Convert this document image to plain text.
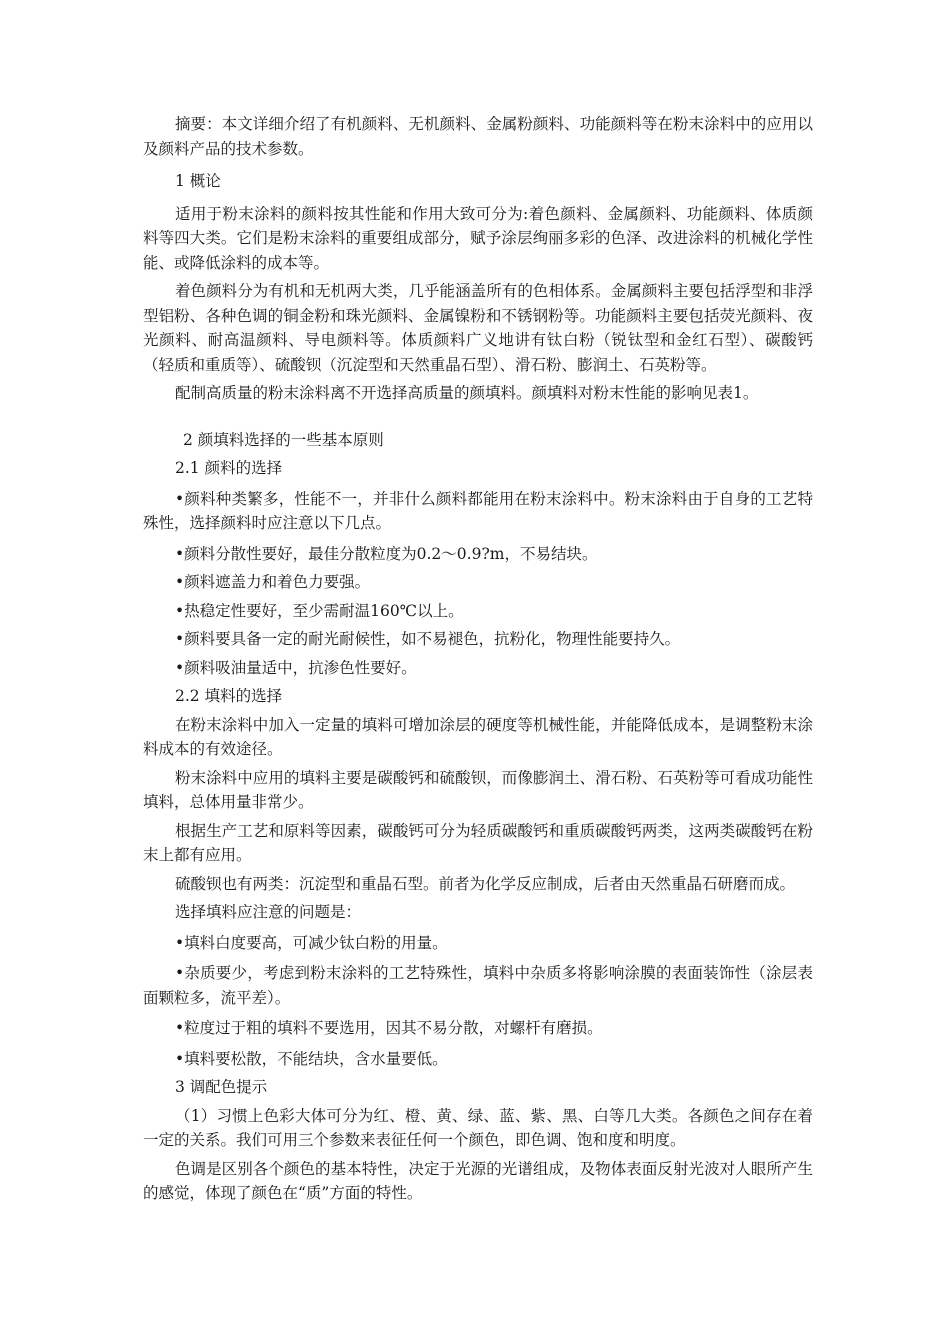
摘要：本文详细介绍了有机颜料、无机颜料、金属粉颜料、功能颜料等在粉末涂料中的应用以及颜料产品的技术参数。

1 概论

适用于粉末涂料的颜料按其性能和作用大致可分为:着色颜料、金属颜料、功能颜料、体质颜料等四大类。它们是粉末涂料的重要组成部分，赋予涂层绚丽多彩的色泽、改进涂料的机械化学性能、或降低涂料的成本等。

着色颜料分为有机和无机两大类，几乎能涵盖所有的色相体系。金属颜料主要包括浮型和非浮型铝粉、各种色调的铜金粉和珠光颜料、金属镍粉和不锈钢粉等。功能颜料主要包括荧光颜料、夜光颜料、耐高温颜料、导电颜料等。体质颜料广义地讲有钛白粉（锐钛型和金红石型）、碳酸钙（轻质和重质等）、硫酸钡（沉淀型和天然重晶石型）、滑石粉、膨润土、石英粉等。

配制高质量的粉末涂料离不开选择高质量的颜填料。颜填料对粉末性能的影响见表1。

2 颜填料选择的一些基本原则

2.1 颜料的选择

•颜料种类繁多，性能不一，并非什么颜料都能用在粉末涂料中。粉末涂料由于自身的工艺特殊性，选择颜料时应注意以下几点。

•颜料分散性要好，最佳分散粒度为0.2～0.9?m，不易结块。

•颜料遮盖力和着色力要强。

•热稳定性要好，至少需耐温160℃以上。

•颜料要具备一定的耐光耐候性，如不易褪色，抗粉化，物理性能要持久。

•颜料吸油量适中，抗渗色性要好。

2.2 填料的选择

在粉末涂料中加入一定量的填料可增加涂层的硬度等机械性能，并能降低成本，是调整粉末涂料成本的有效途径。

粉末涂料中应用的填料主要是碳酸钙和硫酸钡，而像膨润土、滑石粉、石英粉等可看成功能性填料，总体用量非常少。

根据生产工艺和原料等因素，碳酸钙可分为轻质碳酸钙和重质碳酸钙两类，这两类碳酸钙在粉末上都有应用。

硫酸钡也有两类：沉淀型和重晶石型。前者为化学反应制成，后者由天然重晶石研磨而成。

选择填料应注意的问题是：

•填料白度要高，可减少钛白粉的用量。

•杂质要少，考虑到粉末涂料的工艺特殊性，填料中杂质多将影响涂膜的表面装饰性（涂层表面颗粒多，流平差）。

•粒度过于粗的填料不要选用，因其不易分散，对螺杆有磨损。

•填料要松散，不能结块，含水量要低。

3 调配色提示

（1）习惯上色彩大体可分为红、橙、黄、绿、蓝、紫、黑、白等几大类。各颜色之间存在着一定的关系。我们可用三个参数来表征任何一个颜色，即色调、饱和度和明度。

色调是区别各个颜色的基本特性，决定于光源的光谱组成，及物体表面反射光波对人眼所产生的感觉，体现了颜色在“质”方面的特性。
